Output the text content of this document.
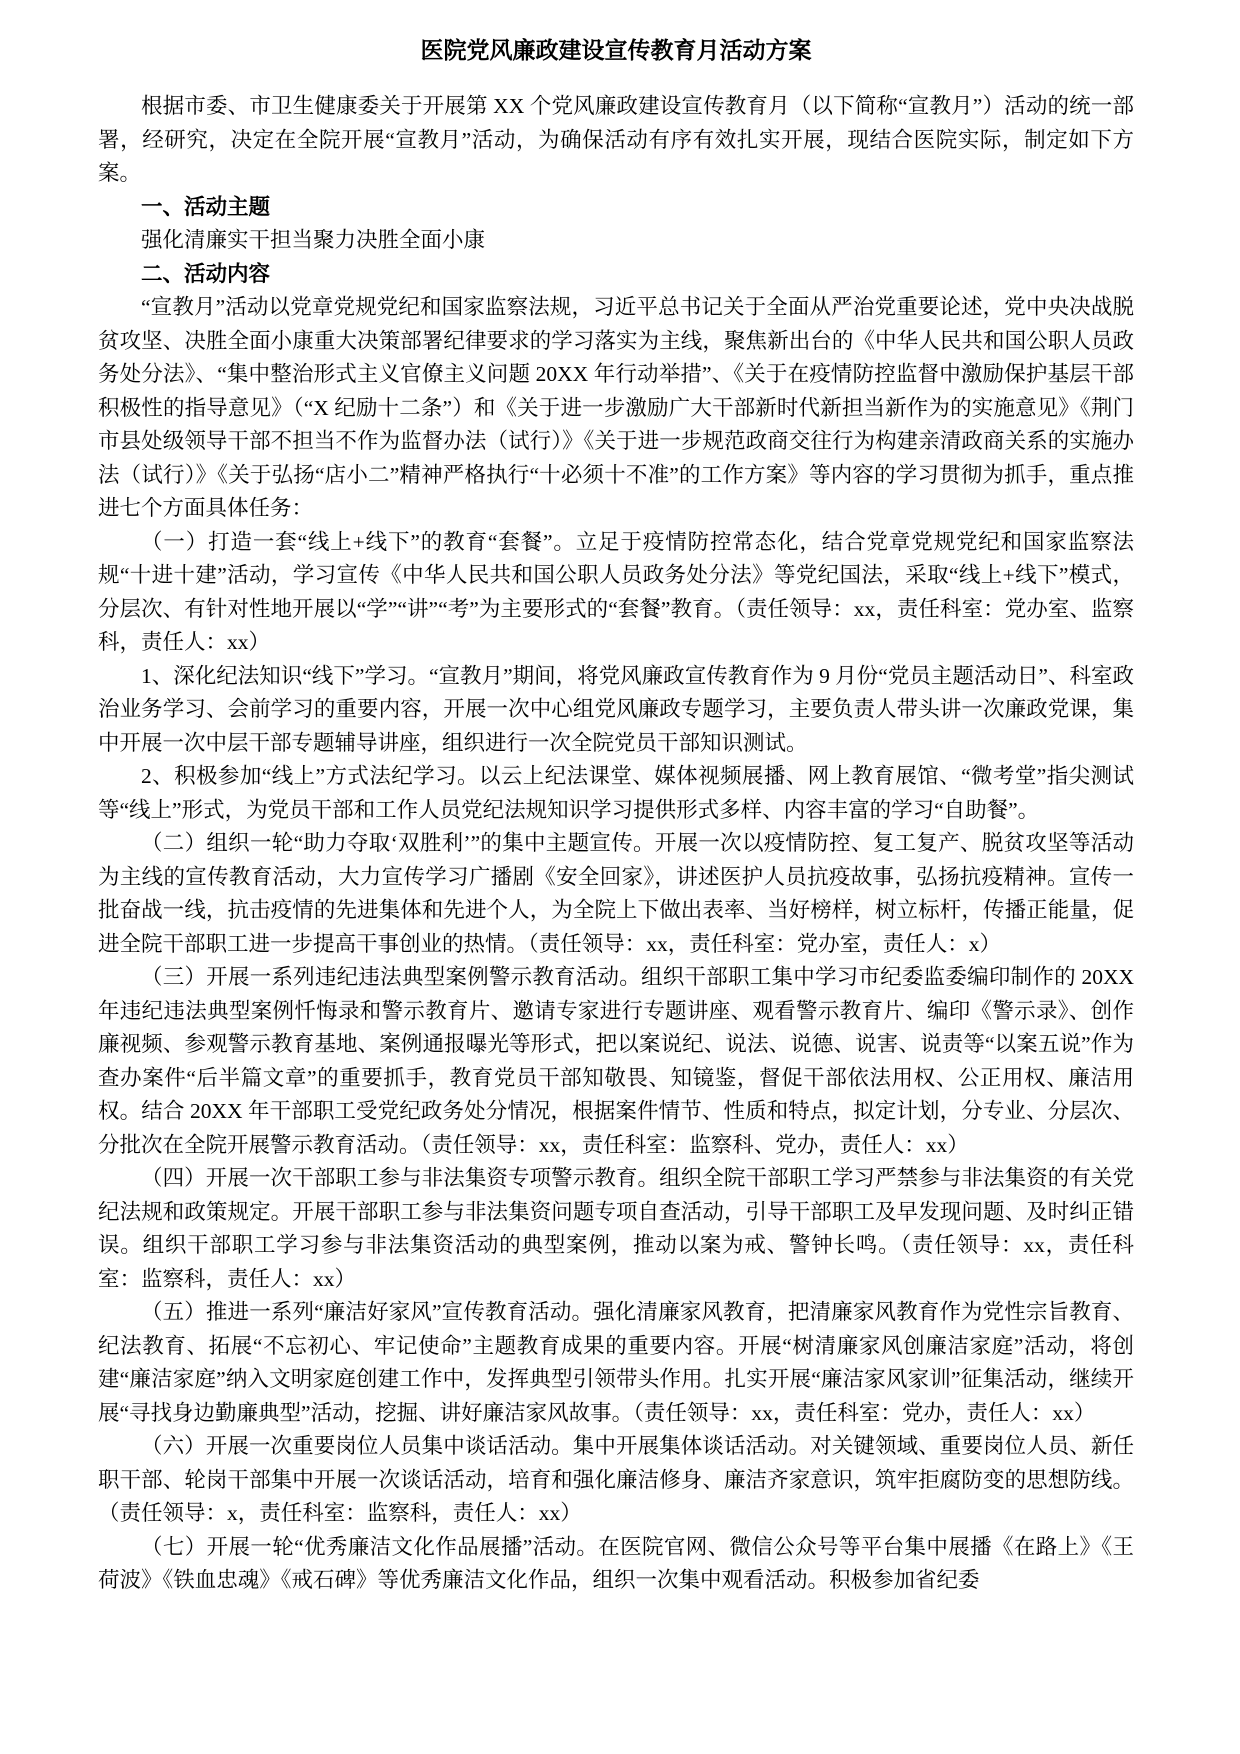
医院党风廉政建设宣传教育月活动方案

根据市委、市卫生健康委关于开展第 XX 个党风廉政建设宣传教育月（以下简称“宣教月”）活动的统一部署，经研究，决定在全院开展“宣教月”活动，为确保活动有序有效扎实开展，现结合医院实际，制定如下方案。

一、活动主题

强化清廉实干担当聚力决胜全面小康

二、活动内容

“宣教月”活动以党章党规党纪和国家监察法规，习近平总书记关于全面从严治党重要论述，党中央决战脱贫攻坚、决胜全面小康重大决策部署纪律要求的学习落实为主线，聚焦新出台的《中华人民共和国公职人员政务处分法》、“集中整治形式主义官僚主义问题 20XX 年行动举措”、《关于在疫情防控监督中激励保护基层干部积极性的指导意见》（“X 纪励十二条”）和《关于进一步激励广大干部新时代新担当新作为的实施意见》《荆门市县处级领导干部不担当不作为监督办法（试行）》《关于进一步规范政商交往行为构建亲清政商关系的实施办法（试行）》《关于弘扬“店小二”精神严格执行“十必须十不准”的工作方案》等内容的学习贯彻为抓手，重点推进七个方面具体任务：

（一）打造一套“线上+线下”的教育“套餐”。立足于疫情防控常态化，结合党章党规党纪和国家监察法规“十进十建”活动，学习宣传《中华人民共和国公职人员政务处分法》等党纪国法，采取“线上+线下”模式，分层次、有针对性地开展以“学”“讲”“考”为主要形式的“套餐”教育。（责任领导：xx，责任科室：党办室、监察科，责任人：xx）

1、深化纪法知识“线下”学习。“宣教月”期间，将党风廉政宣传教育作为 9 月份“党员主题活动日”、科室政治业务学习、会前学习的重要内容，开展一次中心组党风廉政专题学习，主要负责人带头讲一次廉政党课，集中开展一次中层干部专题辅导讲座，组织进行一次全院党员干部知识测试。

2、积极参加“线上”方式法纪学习。以云上纪法课堂、媒体视频展播、网上教育展馆、“微考堂”指尖测试等“线上”形式，为党员干部和工作人员党纪法规知识学习提供形式多样、内容丰富的学习“自助餐”。

（二）组织一轮“助力夺取‘双胜利’”的集中主题宣传。开展一次以疫情防控、复工复产、脱贫攻坚等活动为主线的宣传教育活动，大力宣传学习广播剧《安全回家》，讲述医护人员抗疫故事，弘扬抗疫精神。宣传一批奋战一线，抗击疫情的先进集体和先进个人，为全院上下做出表率、当好榜样，树立标杆，传播正能量，促进全院干部职工进一步提高干事创业的热情。（责任领导：xx，责任科室：党办室，责任人：x）

（三）开展一系列违纪违法典型案例警示教育活动。组织干部职工集中学习市纪委监委编印制作的 20XX 年违纪违法典型案例忏悔录和警示教育片、邀请专家进行专题讲座、观看警示教育片、编印《警示录》、创作廉视频、参观警示教育基地、案例通报曝光等形式，把以案说纪、说法、说德、说害、说责等“以案五说”作为查办案件“后半篇文章”的重要抓手，教育党员干部知敬畏、知镜鉴，督促干部依法用权、公正用权、廉洁用权。结合 20XX 年干部职工受党纪政务处分情况，根据案件情节、性质和特点，拟定计划，分专业、分层次、分批次在全院开展警示教育活动。（责任领导：xx，责任科室：监察科、党办，责任人：xx）

（四）开展一次干部职工参与非法集资专项警示教育。组织全院干部职工学习严禁参与非法集资的有关党纪法规和政策规定。开展干部职工参与非法集资问题专项自查活动，引导干部职工及早发现问题、及时纠正错误。组织干部职工学习参与非法集资活动的典型案例，推动以案为戒、警钟长鸣。（责任领导：xx，责任科室：监察科，责任人：xx）

（五）推进一系列“廉洁好家风”宣传教育活动。强化清廉家风教育，把清廉家风教育作为党性宗旨教育、纪法教育、拓展“不忘初心、牢记使命”主题教育成果的重要内容。开展“树清廉家风创廉洁家庭”活动，将创建“廉洁家庭”纳入文明家庭创建工作中，发挥典型引领带头作用。扎实开展“廉洁家风家训”征集活动，继续开展“寻找身边勤廉典型”活动，挖掘、讲好廉洁家风故事。（责任领导：xx，责任科室：党办，责任人：xx）

（六）开展一次重要岗位人员集中谈话活动。集中开展集体谈话活动。对关键领域、重要岗位人员、新任职干部、轮岗干部集中开展一次谈话活动，培育和强化廉洁修身、廉洁齐家意识，筑牢拒腐防变的思想防线。（责任领导：x，责任科室：监察科，责任人：xx）

（七）开展一轮“优秀廉洁文化作品展播”活动。在医院官网、微信公众号等平台集中展播《在路上》《王荷波》《铁血忠魂》《戒石碑》等优秀廉洁文化作品，组织一次集中观看活动。积极参加省纪委
